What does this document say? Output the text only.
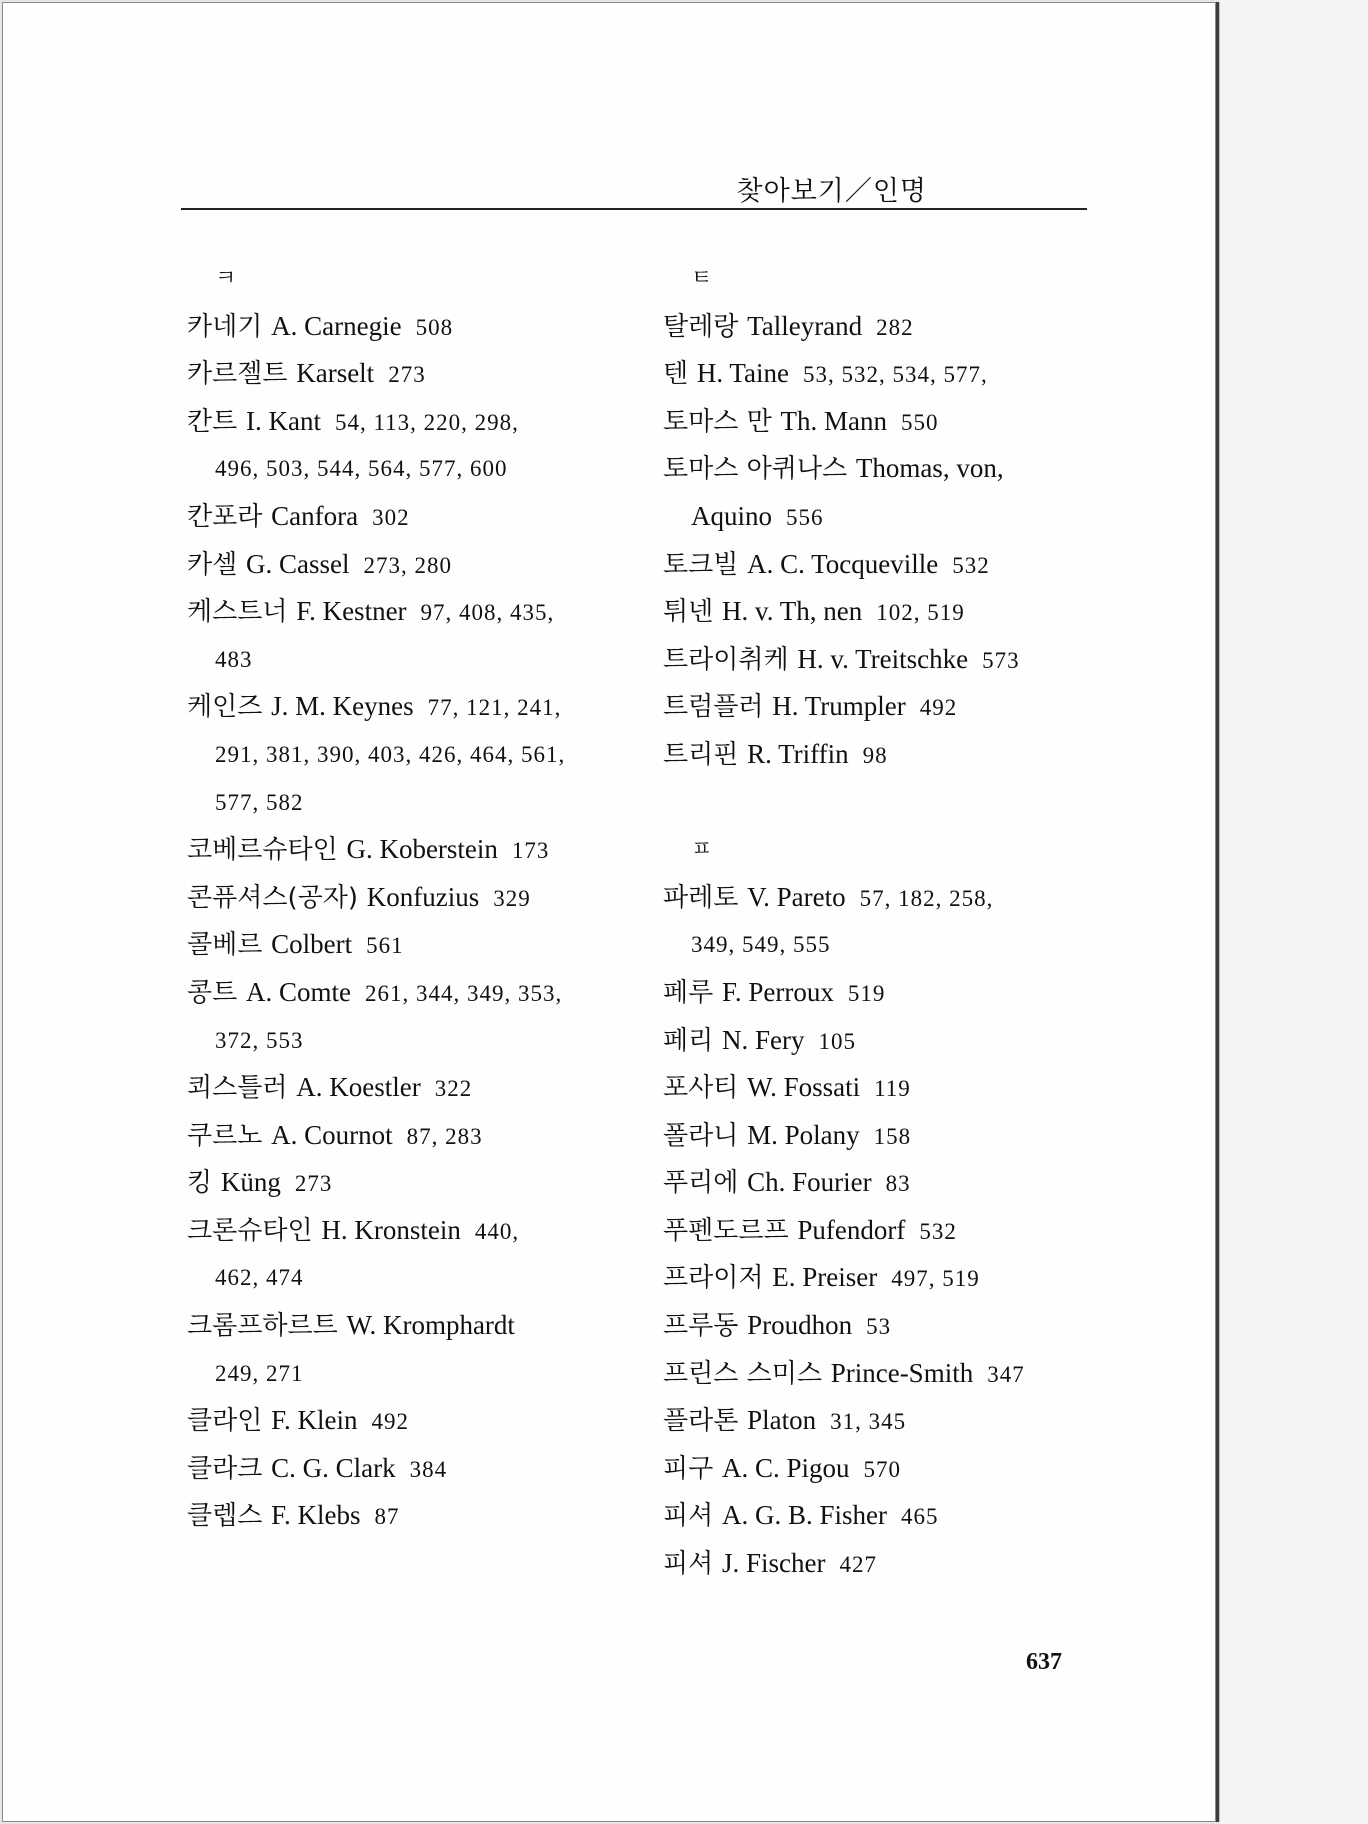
찾아보기／인명
ㅋ
카네기 A. Carnegie 508
카르젤트 Karselt 273
칸트 I. Kant 54, 113, 220, 298,
496, 503, 544, 564, 577, 600
칸포라 Canfora 302
카셀 G. Cassel 273, 280
케스트너 F. Kestner 97, 408, 435,
483
케인즈 J. M. Keynes 77, 121, 241,
291, 381, 390, 403, 426, 464, 561,
577, 582
코베르슈타인 G. Koberstein 173
콘퓨셔스(공자) Konfuzius 329
콜베르 Colbert 561
콩트 A. Comte 261, 344, 349, 353,
372, 553
쾨스틀러 A. Koestler 322
쿠르노 A. Cournot 87, 283
킹 Küng 273
크론슈타인 H. Kronstein 440,
462, 474
크롬프하르트 W. Kromphardt
249, 271
클라인 F. Klein 492
클라크 C. G. Clark 384
클렙스 F. Klebs 87
ㅌ
탈레랑 Talleyrand 282
텐 H. Taine 53, 532, 534, 577,
토마스 만 Th. Mann 550
토마스 아퀴나스 Thomas, von,
Aquino 556
토크빌 A. C. Tocqueville 532
튀넨 H. v. Th, nen 102, 519
트라이취케 H. v. Treitschke 573
트럼플러 H. Trumpler 492
트리핀 R. Triffin 98
ㅍ
파레토 V. Pareto 57, 182, 258,
349, 549, 555
페루 F. Perroux 519
페리 N. Fery 105
포사티 W. Fossati 119
폴라니 M. Polany 158
푸리에 Ch. Fourier 83
푸펜도르프 Pufendorf 532
프라이저 E. Preiser 497, 519
프루동 Proudhon 53
프린스 스미스 Prince-Smith 347
플라톤 Platon 31, 345
피구 A. C. Pigou 570
피셔 A. G. B. Fisher 465
피셔 J. Fischer 427
637
